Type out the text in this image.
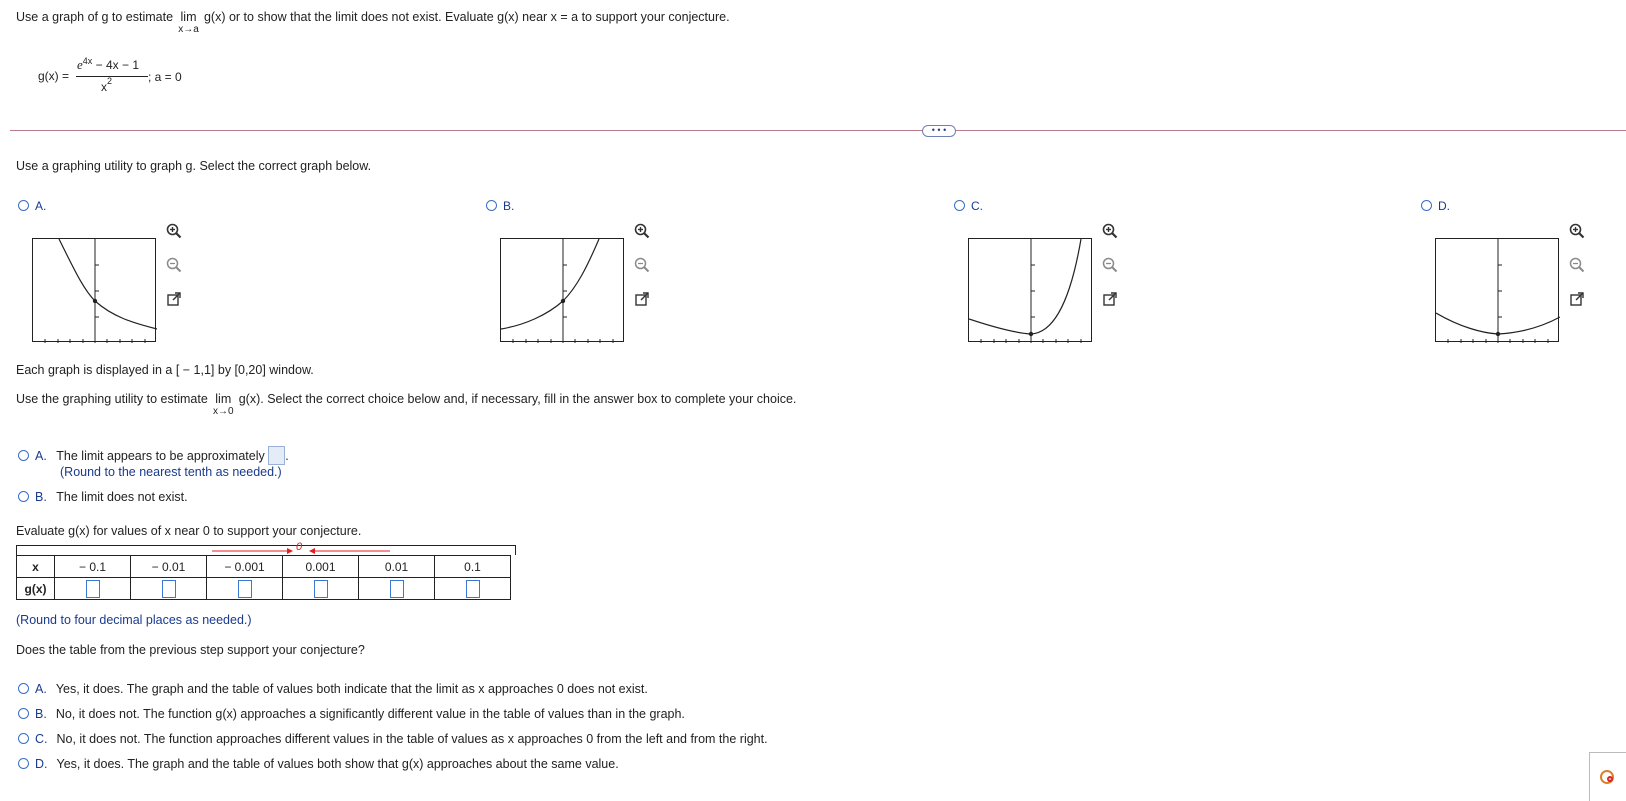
Use a graph of g to estimate lim
x→a
g(x) or to show that the limit does not exist. Evaluate g(x) near x = a to support your conjecture.
g(x) =
$e^{4x} - 4x - 1$
$x^2$	; a = 0
• • •
Use a graphing utility to graph g. Select the correct graph below.
A.	B.	C.	D.
Each graph is displayed in a [ − 1,1] by [0,20] window.
Use the graphing utility to estimate lim
x→0
g(x). Select the correct choice below and, if necessary, fill in the answer box to complete your choice.
A. The limit appears to be approximately .
(Round to the nearest tenth as needed.)
B. The limit does not exist.
Evaluate g(x) for values of x near 0 to support your conjecture.
0
x	− 0.1	− 0.01	− 0.001	0.001	0.01	0.1
g(x)						
(Round to four decimal places as needed.)
Does the table from the previous step support your conjecture?
A. Yes, it does. The graph and the table of values both indicate that the limit as x approaches 0 does not exist.
B. No, it does not. The function g(x) approaches a significantly different value in the table of values than in the graph.
C. No, it does not. The function approaches different values in the table of values as x approaches 0 from the left and from the right.
D. Yes, it does. The graph and the table of values both show that g(x) approaches about the same value.
